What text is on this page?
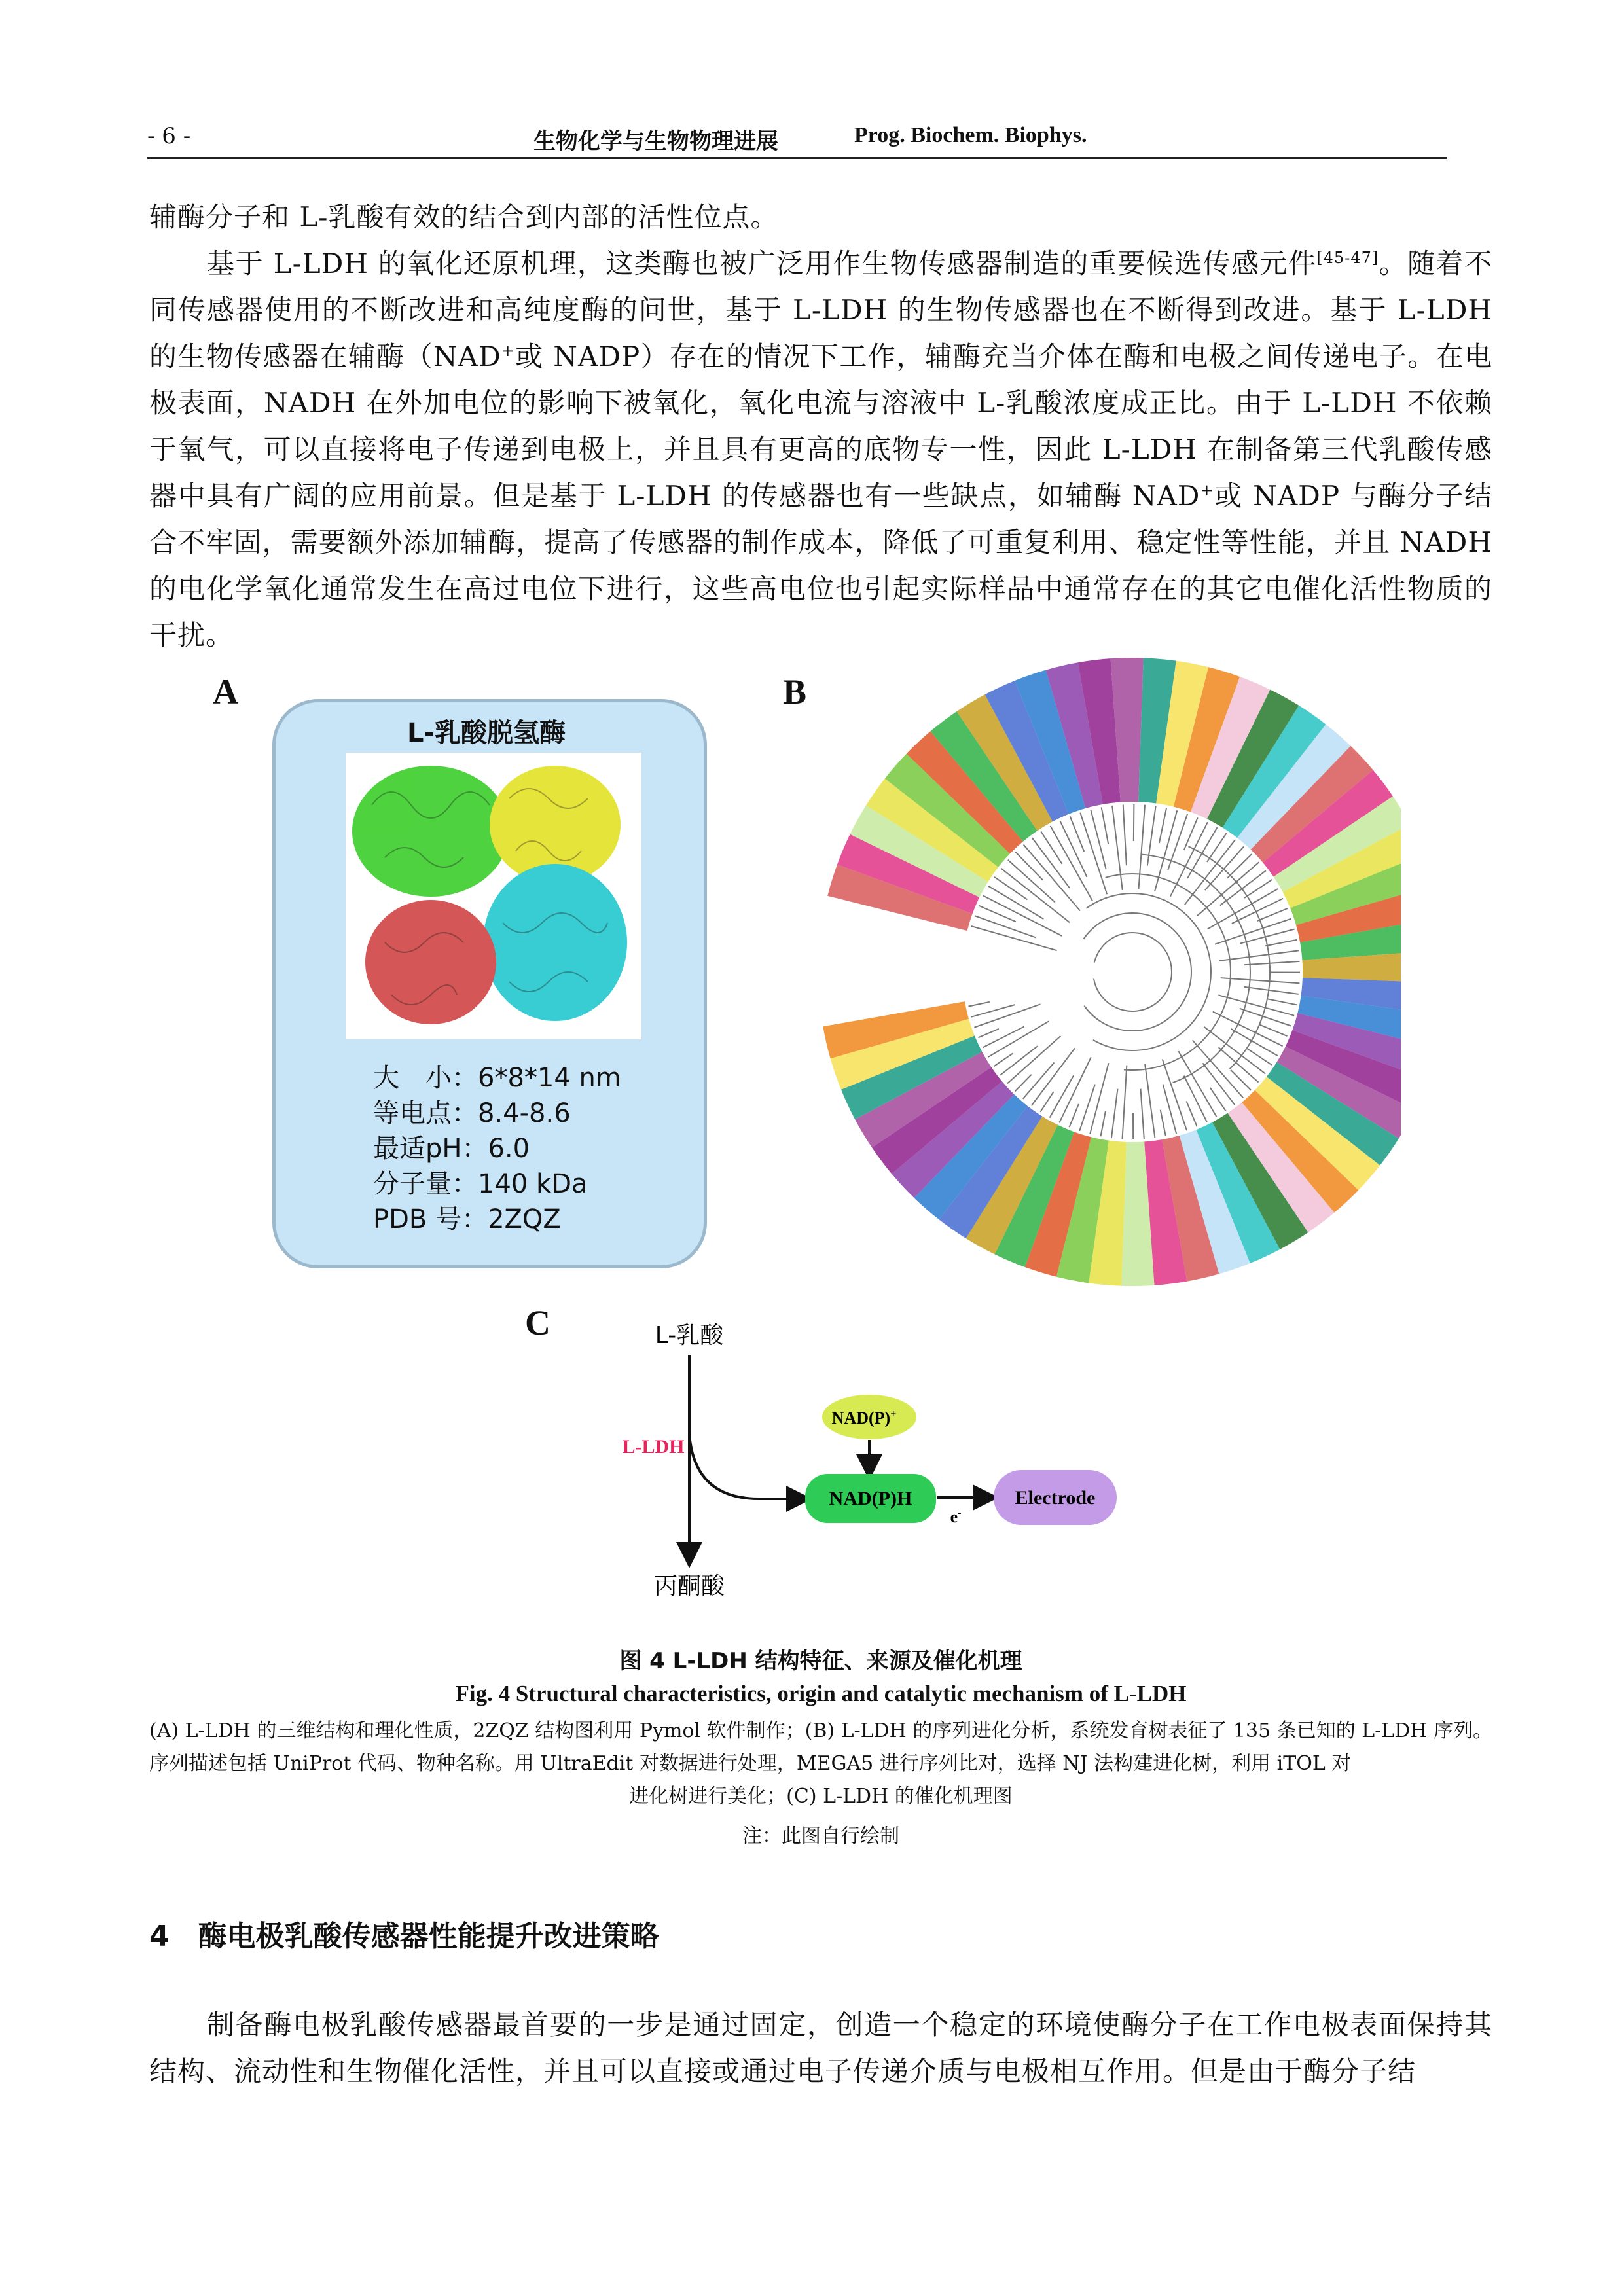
- 6 -	生物化学与生物物理进展	Prog. Biochem. Biophys.
辅酶分子和 L-乳酸有效的结合到内部的活性位点。
基于 L-LDH 的氧化还原机理，这类酶也被广泛用作生物传感器制造的重要候选传感元件[45-47]。随着不同传感器使用的不断改进和高纯度酶的问世，基于 L-LDH 的生物传感器也在不断得到改进。基于 L-LDH 的生物传感器在辅酶（NAD+或 NADP）存在的情况下工作，辅酶充当介体在酶和电极之间传递电子。在电极表面，NADH 在外加电位的影响下被氧化，氧化电流与溶液中 L-乳酸浓度成正比。由于 L-LDH 不依赖于氧气，可以直接将电子传递到电极上，并且具有更高的底物专一性，因此 L-LDH 在制备第三代乳酸传感器中具有广阔的应用前景。但是基于 L-LDH 的传感器也有一些缺点，如辅酶 NAD+或 NADP 与酶分子结合不牢固，需要额外添加辅酶，提高了传感器的制作成本，降低了可重复利用、稳定性等性能，并且 NADH 的电化学氧化通常发生在高过电位下进行，这些高电位也引起实际样品中通常存在的其它电催化活性物质的干扰。
A
L-乳酸脱氢酶
大　小：6*8*14 nm
等电点：8.4-8.6
最适pH：6.0
分子量：140 kDa
PDB 号：2ZQZ
B
C	L-乳酸
L-LDH
丙酮酸
NAD(P)+
NAD(P)H
e-
Electrode
图 4 L-LDH 结构特征、来源及催化机理
Fig. 4 Structural characteristics, origin and catalytic mechanism of L-LDH
(A) L-LDH 的三维结构和理化性质，2ZQZ 结构图利用 Pymol 软件制作；(B) L-LDH 的序列进化分析，系统发育树表征了 135 条已知的 L-LDH 序列。序列描述包括 UniProt 代码、物种名称。用 UltraEdit 对数据进行处理，MEGA5 进行序列比对，选择 NJ 法构建进化树，利用 iTOL 对
进化树进行美化；(C) L-LDH 的催化机理图
注：此图自行绘制
4　酶电极乳酸传感器性能提升改进策略
制备酶电极乳酸传感器最首要的一步是通过固定，创造一个稳定的环境使酶分子在工作电极表面保持其结构、流动性和生物催化活性，并且可以直接或通过电子传递介质与电极相互作用。但是由于酶分子结
